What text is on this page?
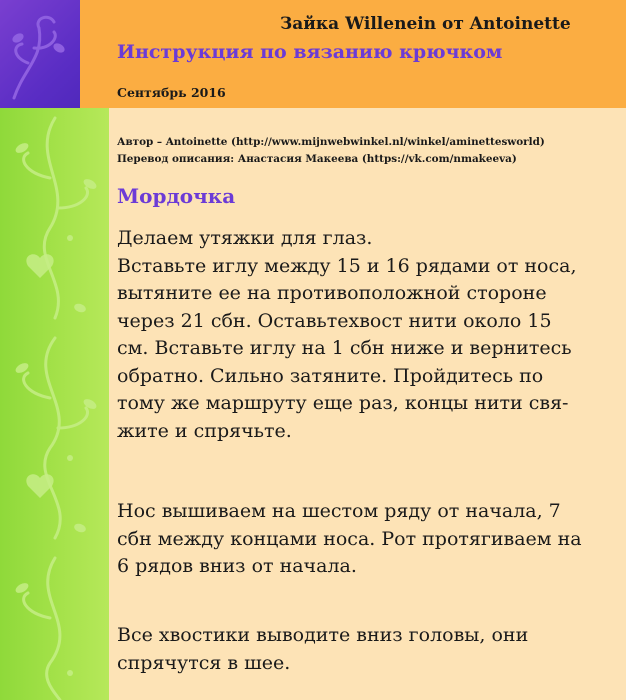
Зайка Willenein от Antoinette
Инструкция по вязанию крючком
Сентябрь 2016
Автор – Antoinette (http://www.mijnwebwinkel.nl/winkel/aminettesworld)
Перевод описания: Анастасия Макеева (https://vk.com/nmakeeva)
Мордочка
Делаем утяжки для глаз.
Вставьте иглу между 15 и 16 рядами от носа,
вытяните ее на противоположной стороне
через 21 сбн. Оставьтехвост нити около 15
см. Вставьте иглу на 1 сбн ниже и вернитесь
обратно. Сильно затяните. Пройдитесь по
тому же маршруту еще раз, концы нити свя-
жите и спрячьте.
Нос вышиваем на шестом ряду от начала, 7
сбн между концами носа. Рот протягиваем на
6 рядов вниз от начала.
Все хвостики выводите вниз головы, они
спрячутся в шее.
